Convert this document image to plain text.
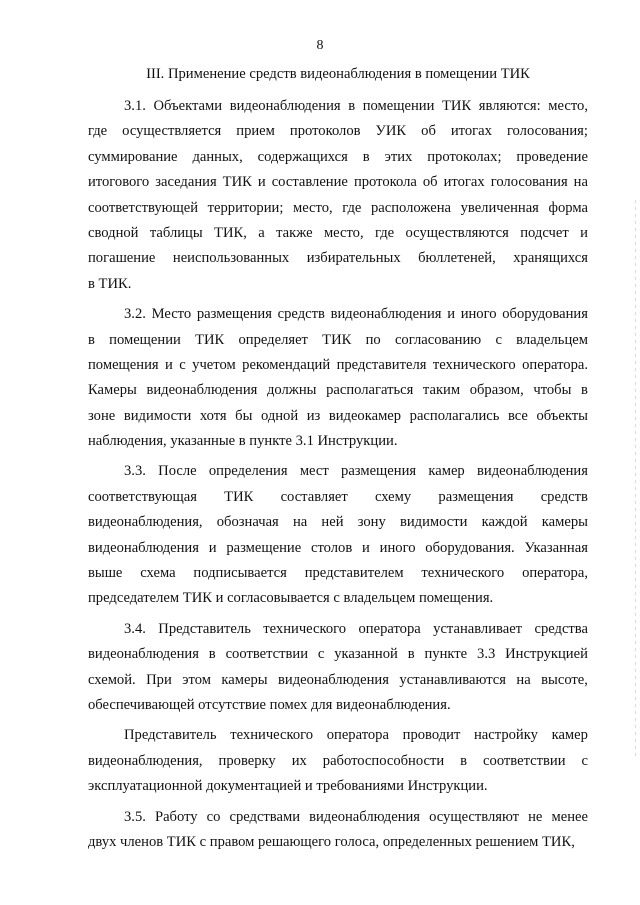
8
III. Применение средств видеонаблюдения в помещении ТИК
3.1. Объектами видеонаблюдения в помещении ТИК являются: место,
где осуществляется прием протоколов УИК об итогах голосования;
суммирование данных, содержащихся в этих протоколах; проведение
итогового заседания ТИК и составление протокола об итогах голосования на
соответствующей территории; место, где расположена увеличенная форма
сводной таблицы ТИК, а также место, где осуществляются подсчет и
погашение неиспользованных избирательных бюллетеней, хранящихся
в ТИК.
3.2. Место размещения средств видеонаблюдения и иного оборудования
в помещении ТИК определяет ТИК по согласованию с владельцем
помещения и с учетом рекомендаций представителя технического оператора.
Камеры видеонаблюдения должны располагаться таким образом, чтобы в
зоне видимости хотя бы одной из видеокамер располагались все объекты
наблюдения, указанные в пункте 3.1 Инструкции.
3.3. После определения мест размещения камер видеонаблюдения
соответствующая ТИК составляет схему размещения средств
видеонаблюдения, обозначая на ней зону видимости каждой камеры
видеонаблюдения и размещение столов и иного оборудования. Указанная
выше схема подписывается представителем технического оператора,
председателем ТИК и согласовывается с владельцем помещения.
3.4. Представитель технического оператора устанавливает средства
видеонаблюдения в соответствии с указанной в пункте 3.3 Инструкцией
схемой. При этом камеры видеонаблюдения устанавливаются на высоте,
обеспечивающей отсутствие помех для видеонаблюдения.
Представитель технического оператора проводит настройку камер
видеонаблюдения, проверку их работоспособности в соответствии с
эксплуатационной документацией и требованиями Инструкции.
3.5. Работу со средствами видеонаблюдения осуществляют не менее
двух членов ТИК с правом решающего голоса, определенных решением ТИК,
